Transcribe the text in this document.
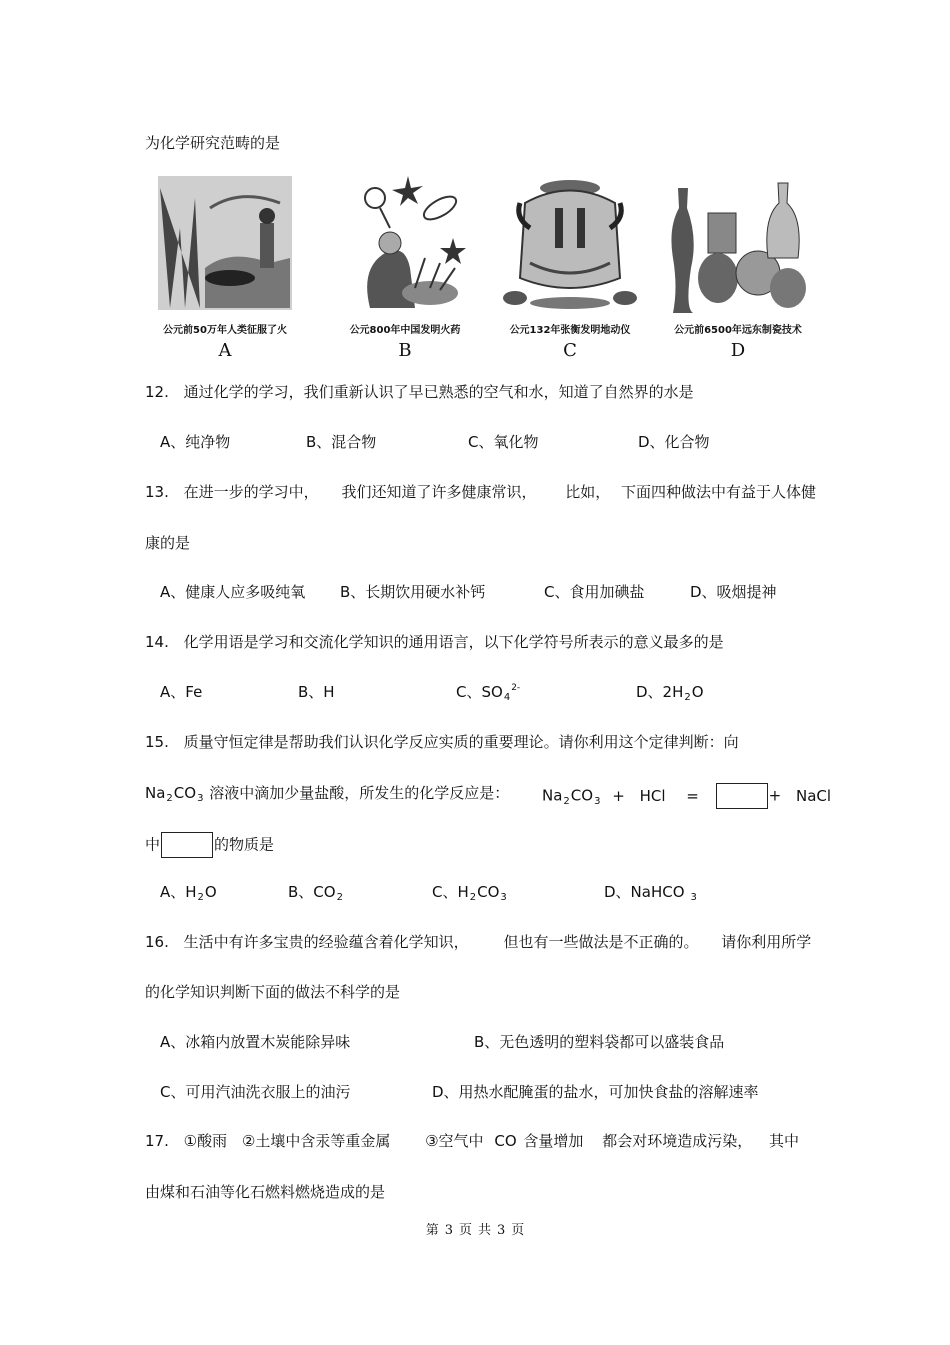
为化学研究范畴的是
公元前50万年人类征服了火
A
公元800年中国发明火药
B
公元132年张衡发明地动仪
C
公元前6500年远东制瓷技术
D
12. 通过化学的学习，我们重新认识了早已熟悉的空气和水，知道了自然界的水是
A、纯净物	B、混合物	C、氧化物	D、化合物
13. 在进一步的学习中， 我们还知道了许多健康常识， 比如， 下面四种做法中有益于人体健
康的是
A、健康人应多吸纯氧 B、长期饮用硬水补钙	C、食用加碘盐	D、吸烟提神
14. 化学用语是学习和交流化学知识的通用语言，以下化学符号所表示的意义最多的是
A、Fe	B、H	C、$SO_4^{2-}$	D、$2H_2O$
15. 质量守恒定律是帮助我们认识化学反应实质的重要理论。请你利用这个定律判断：向
$Na_2CO_3$ 溶液中滴加少量盐酸，所发生的化学反应是： $Na_2CO_3$ + HCl =	+ NaCl
中	的物质是
A、$H_2O$	B、$CO_2$	C、$H_2CO_3$	D、NaHCO $_3$
16. 生活中有许多宝贵的经验蕴含着化学知识， 但也有一些做法是不正确的。 请你利用所学
的化学知识判断下面的做法不科学的是
A、冰箱内放置木炭能除异味	B、无色透明的塑料袋都可以盛装食品
C、可用汽油洗衣服上的油污	D、用热水配腌蛋的盐水，可加快食盐的溶解速率
17. ①酸雨 ②土壤中含汞等重金属 ③空气中 CO 含量增加 都会对环境造成污染， 其中
由煤和石油等化石燃料燃烧造成的是
第 3 页 共 3 页
